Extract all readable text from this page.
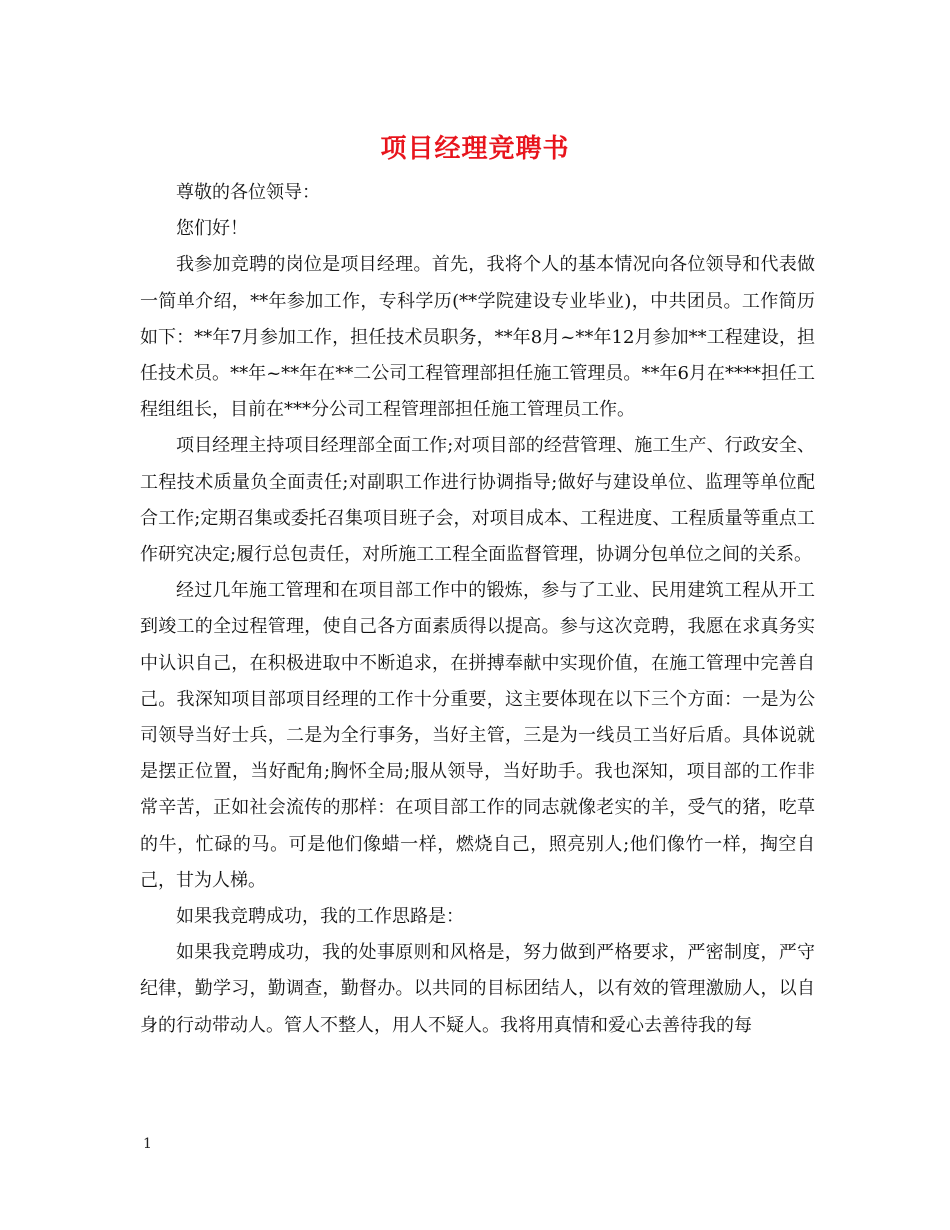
项目经理竞聘书

尊敬的各位领导：

您们好！

我参加竞聘的岗位是项目经理。首先，我将个人的基本情况向各位领导和代表做一简单介绍，**年参加工作，专科学历(**学院建设专业毕业)，中共团员。工作简历如下：**年7月参加工作，担任技术员职务，**年8月~**年12月参加**工程建设，担任技术员。**年~**年在**二公司工程管理部担任施工管理员。**年6月在****担任工程组组长，目前在***分公司工程管理部担任施工管理员工作。

项目经理主持项目经理部全面工作;对项目部的经营管理、施工生产、行政安全、工程技术质量负全面责任;对副职工作进行协调指导;做好与建设单位、监理等单位配合工作;定期召集或委托召集项目班子会，对项目成本、工程进度、工程质量等重点工作研究决定;履行总包责任，对所施工工程全面监督管理，协调分包单位之间的关系。

经过几年施工管理和在项目部工作中的锻炼，参与了工业、民用建筑工程从开工到竣工的全过程管理，使自己各方面素质得以提高。参与这次竞聘，我愿在求真务实中认识自己，在积极进取中不断追求，在拼搏奉献中实现价值，在施工管理中完善自己。我深知项目部项目经理的工作十分重要，这主要体现在以下三个方面：一是为公司领导当好士兵，二是为全行事务，当好主管，三是为一线员工当好后盾。具体说就是摆正位置，当好配角;胸怀全局;服从领导，当好助手。我也深知，项目部的工作非常辛苦，正如社会流传的那样：在项目部工作的同志就像老实的羊，受气的猪，吃草的牛，忙碌的马。可是他们像蜡一样，燃烧自己，照亮别人;他们像竹一样，掏空自己，甘为人梯。

如果我竞聘成功，我的工作思路是：

如果我竞聘成功，我的处事原则和风格是，努力做到严格要求，严密制度，严守纪律，勤学习，勤调查，勤督办。以共同的目标团结人，以有效的管理激励人，以自身的行动带动人。管人不整人，用人不疑人。我将用真情和爱心去善待我的每

1
